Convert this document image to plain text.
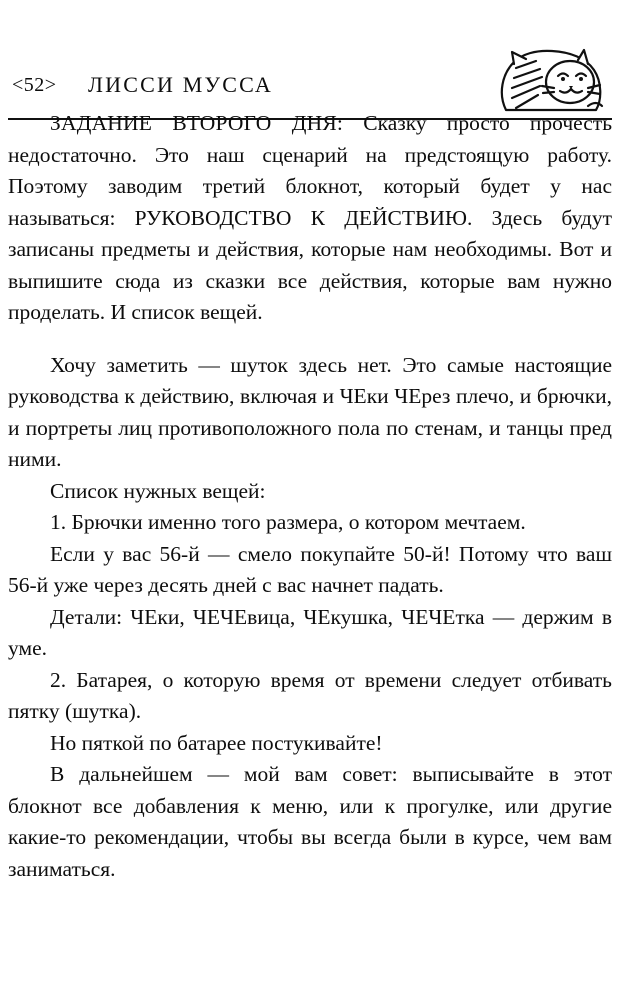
<52> ЛИССИ МУССА

ЗАДАНИЕ ВТОРОГО ДНЯ: Сказку просто прочесть недостаточно. Это наш сценарий на предстоящую работу. Поэтому заводим третий блокнот, который будет у нас называться: РУКОВОДСТВО К ДЕЙСТВИЮ. Здесь будут записаны предметы и действия, которые нам необходимы. Вот и выпишите сюда из сказки все действия, которые вам нужно проделать. И список вещей.

Хочу заметить — шуток здесь нет. Это самые настоящие руководства к действию, включая и ЧЕки ЧЕрез плечо, и брючки, и портреты лиц противоположного пола по стенам, и танцы пред ними.

Список нужных вещей:

1. Брючки именно того размера, о котором мечтаем.

Если у вас 56-й — смело покупайте 50-й! Потому что ваш 56-й уже через десять дней с вас начнет падать.

Детали: ЧЕки, ЧЕЧЕвица, ЧЕкушка, ЧЕЧЕтка — держим в уме.

2. Батарея, о которую время от времени следует отбивать пятку (шутка).

Но пяткой по батарее постукивайте!

В дальнейшем — мой вам совет: выписывайте в этот блокнот все добавления к меню, или к прогулке, или другие какие-то рекомендации, чтобы вы всегда были в курсе, чем вам заниматься.
